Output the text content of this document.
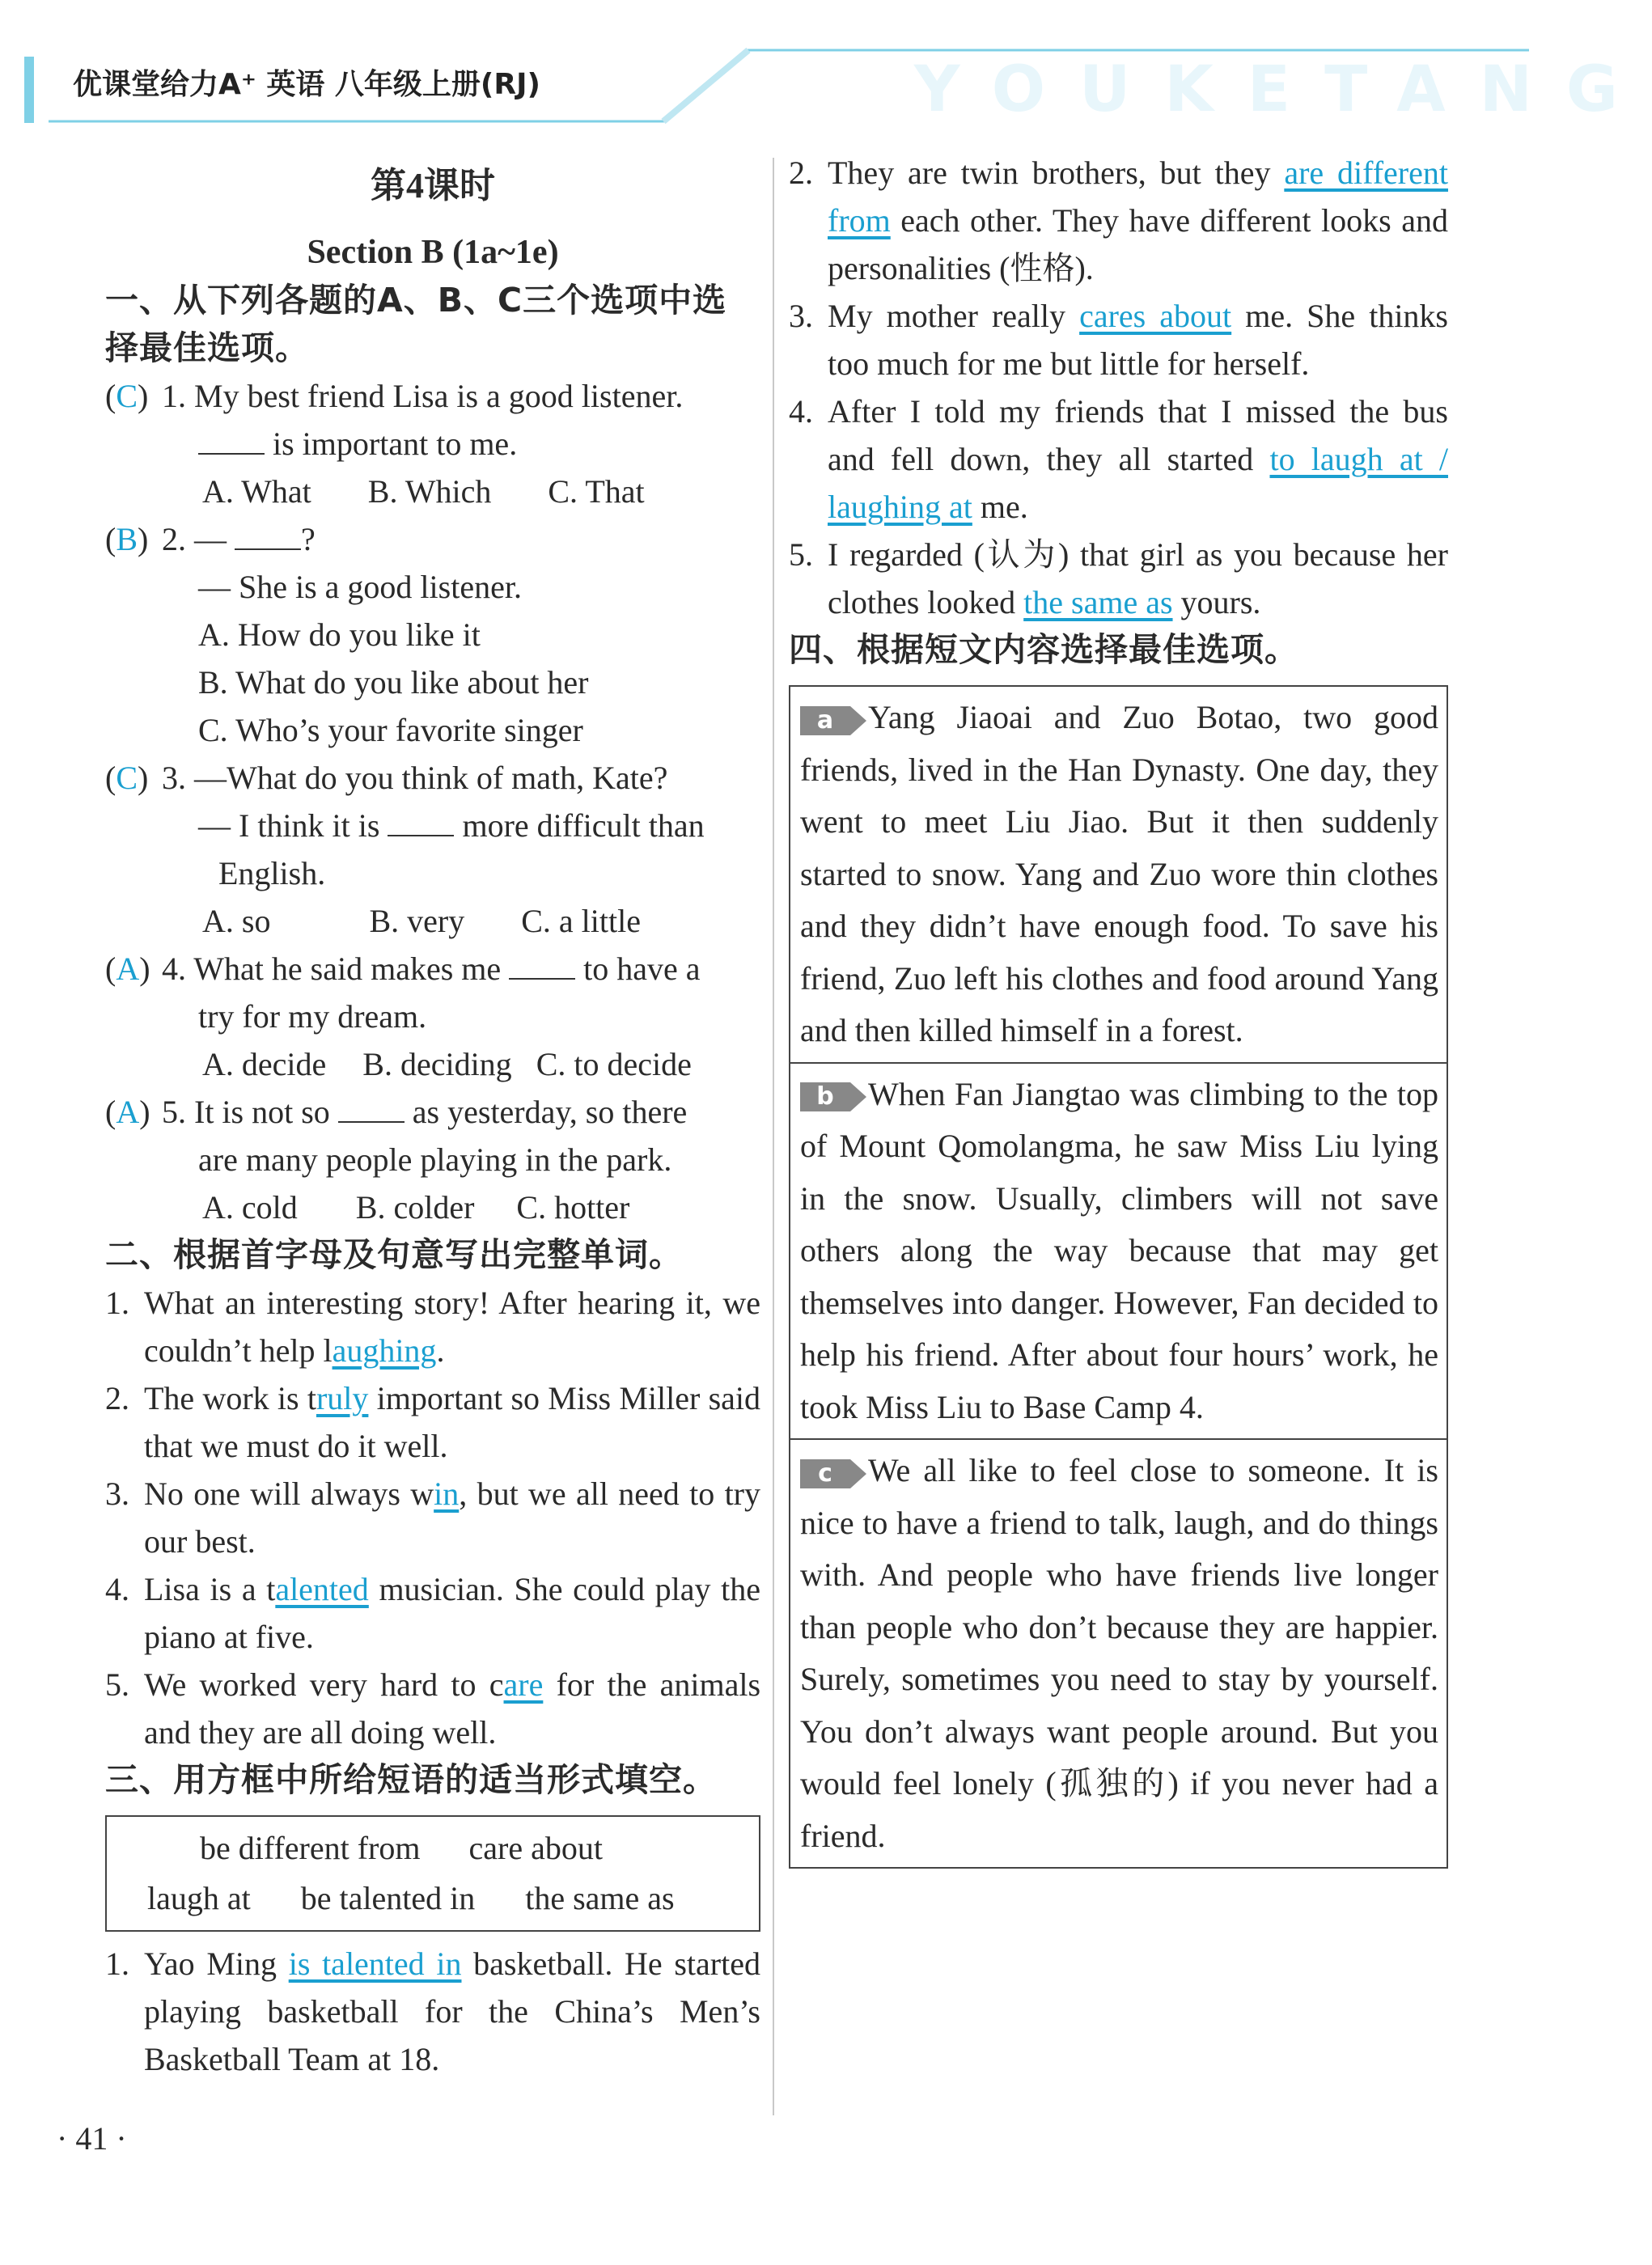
YOUKETANG
优课堂给力A⁺ 英语 八年级上册(RJ)
第4课时
Section B (1a~1e)
一、从下列各题的A、B、C三个选项中选择最佳选项。
(C) 1. My best friend Lisa is a good listener.
is important to me.
A. What B. Which C. That
(B) 2. — ?
— She is a good listener.
A. How do you like it
B. What do you like about her
C. Who’s your favorite singer
(C) 3. —What do you think of math, Kate?
— I think it is	more difficult than
English.
A. so	B. very C. a little
(A) 4. What he said makes me	to have a
try for my dream.
A. decide B. deciding C. to decide
(A) 5. It is not so	as yesterday, so there
are many people playing in the park.
A. cold B. colder C. hotter
二、根据首字母及句意写出完整单词。
1. What an interesting story! After hearing it, we couldn’t help laughing.
2. The work is truly important so Miss Miller said that we must do it well.
3. No one will always win, but we all need to try our best.
4. Lisa is a talented musician. She could play the piano at five.
5. We worked very hard to care for the animals and they are all doing well.
三、用方框中所给短语的适当形式填空。
be different from care about
laugh at be talented in the same as
1. Yao Ming is talented in basketball. He started playing basketball for the China’s Men’s Basketball Team at 18.
2. They are twin brothers, but they are different from each other. They have different looks and personalities (性格).
3. My mother really cares about me. She thinks too much for me but little for herself.
4. After I told my friends that I missed the bus and fell down, they all started to laugh at / laughing at me.
5. I regarded (认为) that girl as you because her clothes looked the same as yours.
四、根据短文内容选择最佳选项。
a Yang Jiaoai and Zuo Botao, two good friends, lived in the Han Dynasty. One day, they went to meet Liu Jiao. But it then suddenly started to snow. Yang and Zuo wore thin clothes and they didn’t have enough food. To save his friend, Zuo left his clothes and food around Yang and then killed himself in a forest.
b When Fan Jiangtao was climbing to the top of Mount Qomolangma, he saw Miss Liu lying in the snow. Usually, climbers will not save others along the way because that may get themselves into danger. However, Fan decided to help his friend. After about four hours’ work, he took Miss Liu to Base Camp 4.
c We all like to feel close to someone. It is nice to have a friend to talk, laugh, and do things with. And people who have friends live longer than people who don’t because they are happier. Surely, sometimes you need to stay by yourself. You don’t always want people around. But you would feel lonely (孤独的) if you never had a friend.
· 41 ·
